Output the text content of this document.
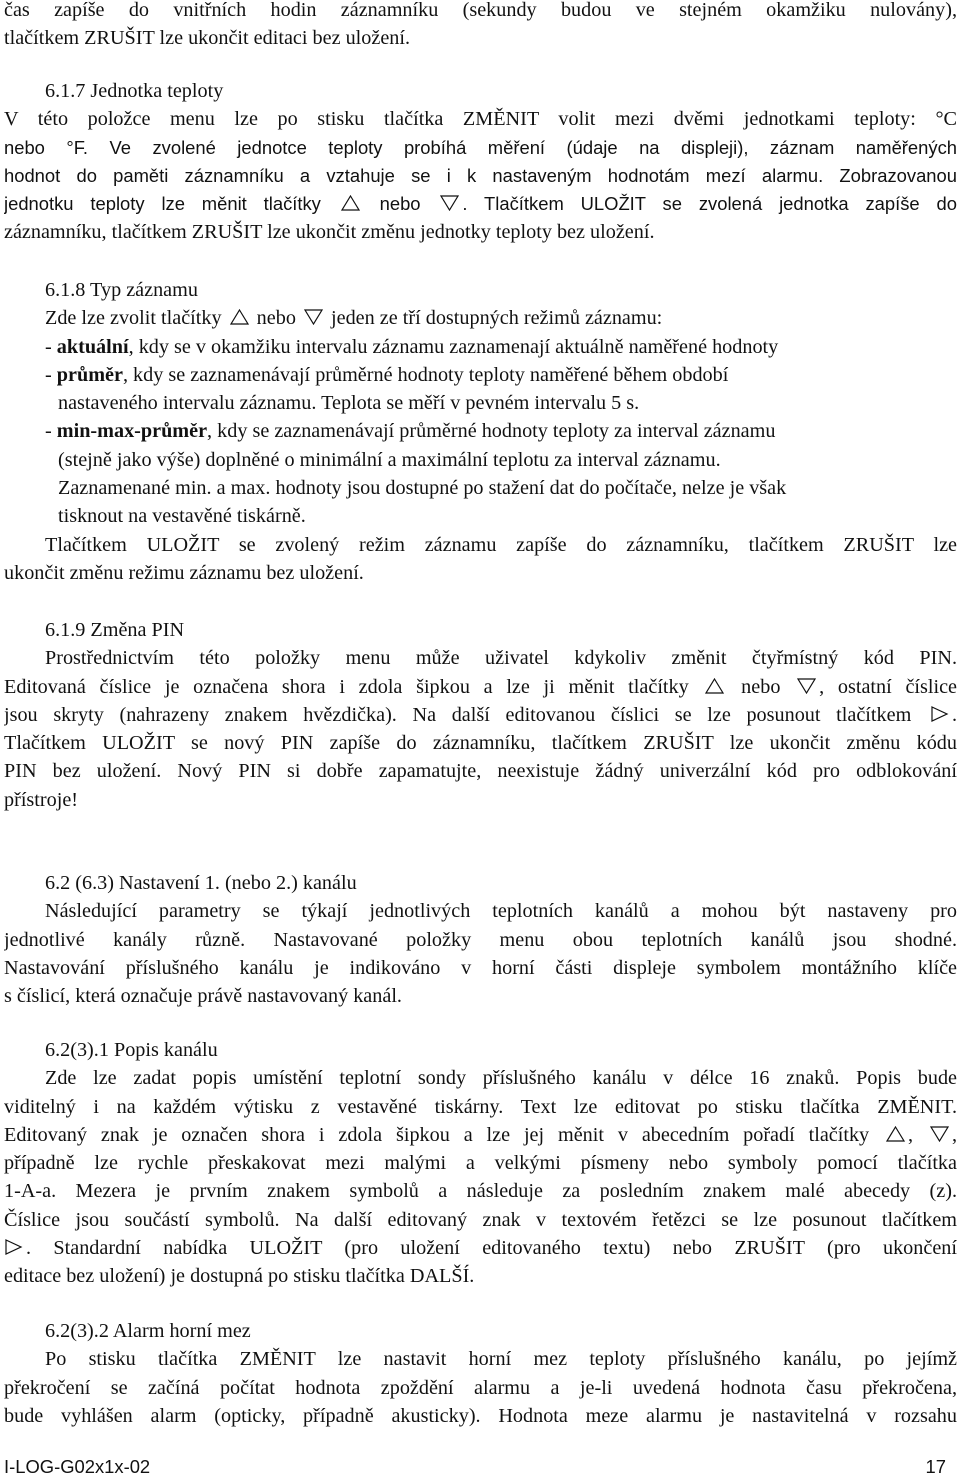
čas zapíše do vnitřních hodin záznamníku (sekundy budou ve stejném okamžiku nulovány),
tlačítkem ZRUŠIT lze ukončit editaci bez uložení.
6.1.7 Jednotka teploty
V této položce menu lze po stisku tlačítka ZMĚNIT volit mezi dvěmi jednotkami teploty: °C
nebo °F. Ve zvolené jednotce teploty probíhá měření (údaje na displeji), záznam naměřených
hodnot do paměti záznamníku a vztahuje se i k nastaveným hodnotám mezí alarmu. Zobrazovanou
jednotku teploty lze měnit tlačítky	nebo . Tlačítkem ULOŽIT se zvolená jednotka zapíše do
záznamníku, tlačítkem ZRUŠIT lze ukončit změnu jednotky teploty bez uložení.
6.1.8 Typ záznamu
Zde lze zvolit tlačítky nebo jeden ze tří dostupných režimů záznamu:
- aktuální, kdy se v okamžiku intervalu záznamu zaznamenají aktuálně naměřené hodnoty
- průměr, kdy se zaznamenávají průměrné hodnoty teploty naměřené během období
nastaveného intervalu záznamu. Teplota se měří v pevném intervalu 5 s.
- min-max-průměr, kdy se zaznamenávají průměrné hodnoty teploty za interval záznamu
(stejně jako výše) doplněné o minimální a maximální teplotu za interval záznamu.
Zaznamenané min. a max. hodnoty jsou dostupné po stažení dat do počítače, nelze je však
tisknout na vestavěné tiskárně.
Tlačítkem ULOŽIT se zvolený režim záznamu zapíše do záznamníku, tlačítkem ZRUŠIT lze
ukončit změnu režimu záznamu bez uložení.
6.1.9 Změna PIN
Prostřednictvím této položky menu může uživatel kdykoliv změnit čtyřmístný kód PIN.
Editovaná číslice je označena shora i zdola šipkou a lze ji měnit tlačítky	nebo , ostatní číslice
jsou skryty (nahrazeny znakem hvězdička). Na další editovanou číslici se lze posunout tlačítkem .
Tlačítkem ULOŽIT se nový PIN zapíše do záznamníku, tlačítkem ZRUŠIT lze ukončit změnu kódu
PIN bez uložení. Nový PIN si dobře zapamatujte, neexistuje žádný univerzální kód pro odblokování
přístroje!
6.2 (6.3) Nastavení 1. (nebo 2.) kanálu
Následující parametry se týkají jednotlivých teplotních kanálů a mohou být nastaveny pro
jednotlivé kanály různě. Nastavované položky menu obou teplotních kanálů jsou shodné.
Nastavování příslušného kanálu je indikováno v horní části displeje symbolem montážního klíče
s číslicí, která označuje právě nastavovaný kanál.
6.2(3).1 Popis kanálu
Zde lze zadat popis umístění teplotní sondy příslušného kanálu v délce 16 znaků. Popis bude
viditelný i na každém výtisku z vestavěné tiskárny. Text lze editovat po stisku tlačítka ZMĚNIT.
Editovaný znak je označen shora i zdola šipkou a lze jej měnit v abecedním pořadí tlačítky , ,
případně lze rychle přeskakovat mezi malými a velkými písmeny nebo symboly pomocí tlačítka
1-A-a. Mezera je prvním znakem symbolů a následuje za posledním znakem malé abecedy (z).
Číslice jsou součástí symbolů. Na další editovaný znak v textovém řetězci se lze posunout tlačítkem
. Standardní nabídka ULOŽIT (pro uložení editovaného textu) nebo ZRUŠIT (pro ukončení
editace bez uložení) je dostupná po stisku tlačítka DALŠÍ.
6.2(3).2 Alarm horní mez
Po stisku tlačítka ZMĚNIT lze nastavit horní mez teploty příslušného kanálu, po jejímž
překročení se začíná počítat hodnota zpoždění alarmu a je-li uvedená hodnota času překročena,
bude vyhlášen alarm (opticky, případně akusticky). Hodnota meze alarmu je nastavitelná v rozsahu
I-LOG-G02x1x-02	17
